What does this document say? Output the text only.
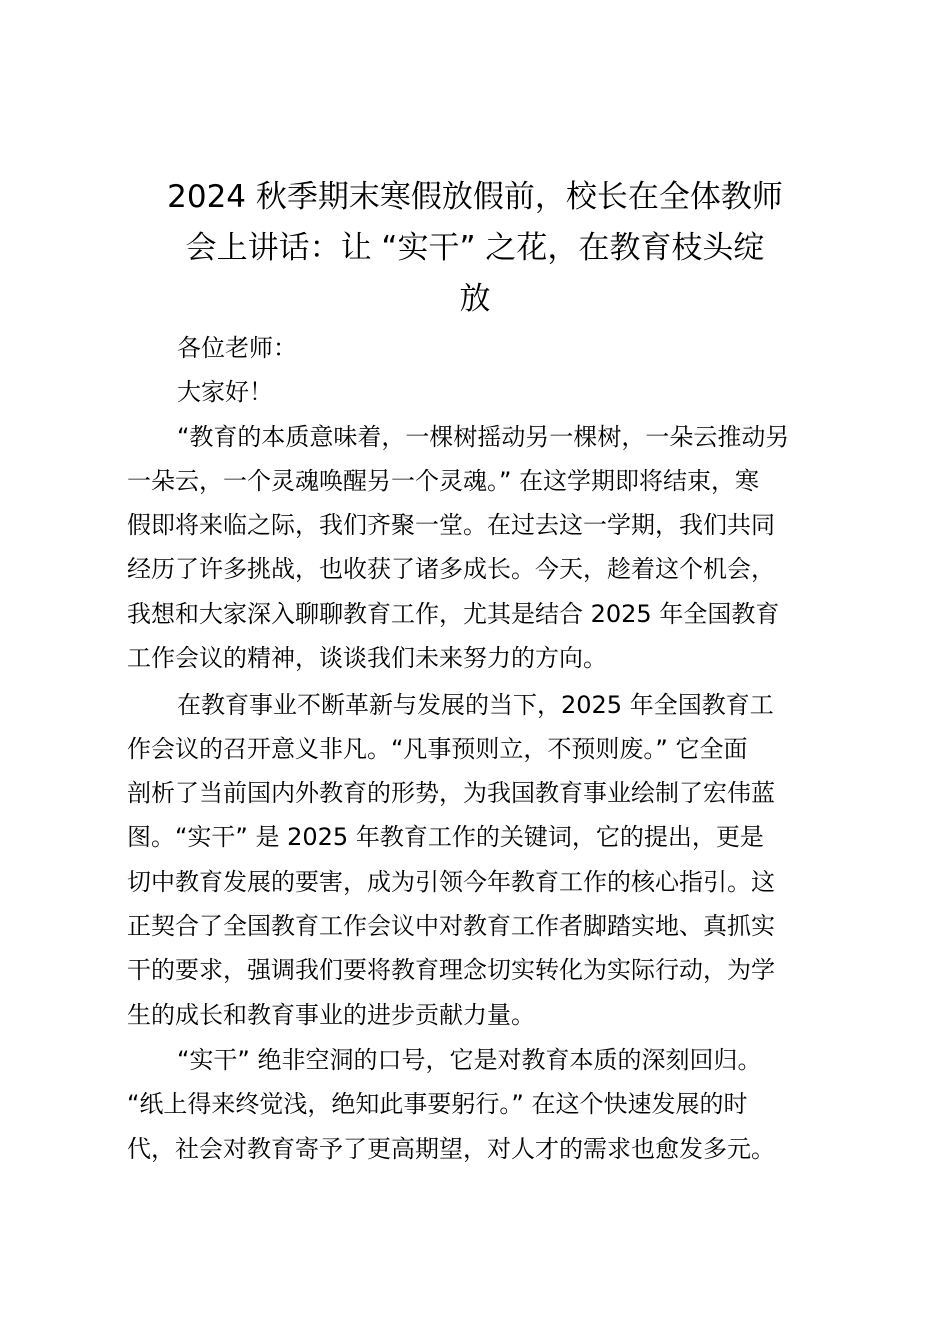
2024 秋季期末寒假放假前，校长在全体教师
会上讲话：让 “实干” 之花，在教育枝头绽
放
各位老师：
大家好！
“教育的本质意味着，一棵树摇动另一棵树，一朵云推动另
一朵云，一个灵魂唤醒另一个灵魂。” 在这学期即将结束，寒
假即将来临之际，我们齐聚一堂。在过去这一学期，我们共同
经历了许多挑战，也收获了诸多成长。今天，趁着这个机会，
我想和大家深入聊聊教育工作，尤其是结合 2025 年全国教育
工作会议的精神，谈谈我们未来努力的方向。
在教育事业不断革新与发展的当下，2025 年全国教育工
作会议的召开意义非凡。“凡事预则立，不预则废。” 它全面
剖析了当前国内外教育的形势，为我国教育事业绘制了宏伟蓝
图。“实干” 是 2025 年教育工作的关键词，它的提出，更是
切中教育发展的要害，成为引领今年教育工作的核心指引。这
正契合了全国教育工作会议中对教育工作者脚踏实地、真抓实
干的要求，强调我们要将教育理念切实转化为实际行动，为学
生的成长和教育事业的进步贡献力量。
“实干” 绝非空洞的口号，它是对教育本质的深刻回归。
“纸上得来终觉浅，绝知此事要躬行。” 在这个快速发展的时
代，社会对教育寄予了更高期望，对人才的需求也愈发多元。
